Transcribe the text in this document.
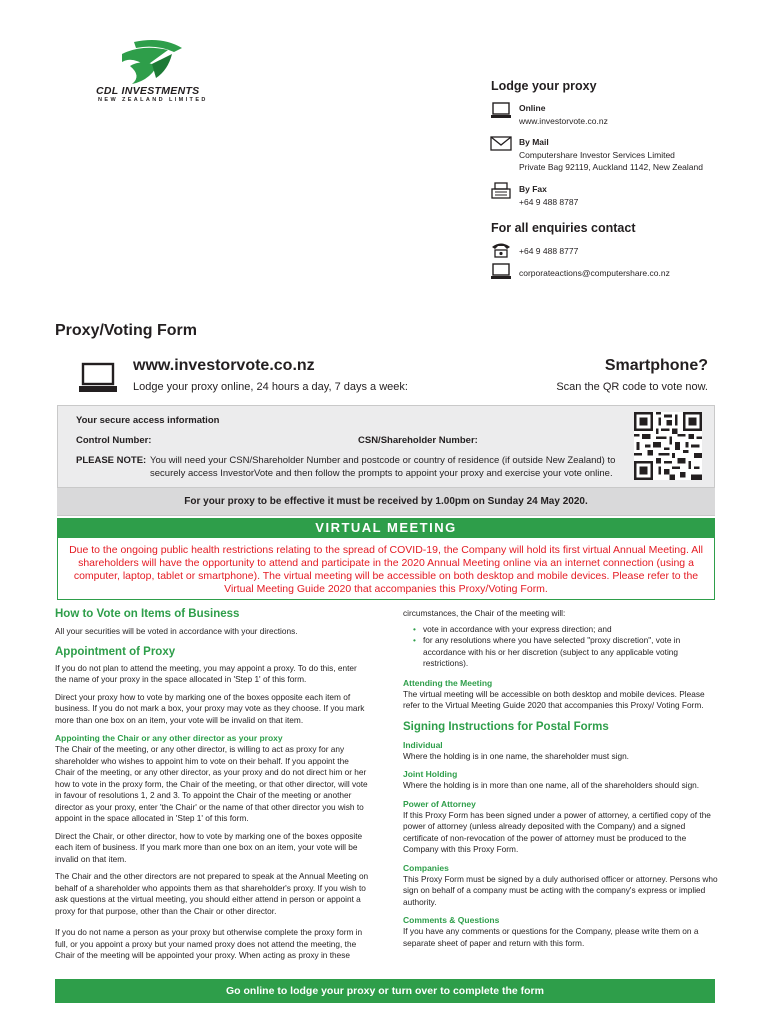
CDL INVESTMENTS
NEW ZEALAND LIMITED
Lodge your proxy
Online
www.investorvote.co.nz
By Mail
Computershare Investor Services Limited
Private Bag 92119, Auckland 1142, New Zealand
By Fax
+64 9 488 8787
For all enquiries contact
+64 9 488 8777
corporateactions@computershare.co.nz
Proxy/Voting Form
www.investorvote.co.nz
Lodge your proxy online, 24 hours a day, 7 days a week:
Smartphone?
Scan the QR code to vote now.
Your secure access information
Control Number:	CSN/Shareholder Number:
PLEASE NOTE: You will need your CSN/Shareholder Number and postcode or country of residence (if outside New Zealand) to securely access InvestorVote and then follow the prompts to appoint your proxy and exercise your vote online.
For your proxy to be effective it must be received by 1.00pm on Sunday 24 May 2020.
VIRTUAL MEETING
Due to the ongoing public health restrictions relating to the spread of COVID-19, the Company will hold its first virtual Annual Meeting. All shareholders will have the opportunity to attend and participate in the 2020 Annual Meeting online via an internet connection (using a computer, laptop, tablet or smartphone). The virtual meeting will be accessible on both desktop and mobile devices. Please refer to the Virtual Meeting Guide 2020 that accompanies this Proxy/Voting Form.
How to Vote on Items of Business
All your securities will be voted in accordance with your directions.
Appointment of Proxy
If you do not plan to attend the meeting, you may appoint a proxy. To do this, enter the name of your proxy in the space allocated in 'Step 1' of this form.
Direct your proxy how to vote by marking one of the boxes opposite each item of business. If you do not mark a box, your proxy may vote as they choose. If you mark more than one box on an item, your vote will be invalid on that item.
Appointing the Chair or any other director as your proxy
The Chair of the meeting, or any other director, is willing to act as proxy for any shareholder who wishes to appoint him to vote on their behalf. If you appoint the Chair of the meeting, or any other director, as your proxy and do not direct him or her how to vote in the proxy form, the Chair of the meeting, or that other director, will vote in favour of resolutions 1, 2 and 3. To appoint the Chair of the meeting or another director as your proxy, enter 'the Chair' or the name of that other director you wish to appoint in the space allocated in 'Step 1' of this form.
Direct the Chair, or other director, how to vote by marking one of the boxes opposite each item of business. If you mark more than one box on an item, your vote will be invalid on that item.
The Chair and the other directors are not prepared to speak at the Annual Meeting on behalf of a shareholder who appoints them as that shareholder's proxy. If you wish to ask questions at the virtual meeting, you should either attend in person or appoint a proxy for that purpose, other than the Chair or other director.
If you do not name a person as your proxy but otherwise complete the proxy form in full, or you appoint a proxy but your named proxy does not attend the meeting, the Chair of the meeting will be appointed your proxy. When acting as proxy in these
circumstances, the Chair of the meeting will:
• vote in accordance with your express direction; and
• for any resolutions where you have selected "proxy discretion", vote in accordance with his or her discretion (subject to any applicable voting restrictions).
Attending the Meeting
The virtual meeting will be accessible on both desktop and mobile devices. Please refer to the Virtual Meeting Guide 2020 that accompanies this Proxy/ Voting Form.
Signing Instructions for Postal Forms
Individual
Where the holding is in one name, the shareholder must sign.
Joint Holding
Where the holding is in more than one name, all of the shareholders should sign.
Power of Attorney
If this Proxy Form has been signed under a power of attorney, a certified copy of the power of attorney (unless already deposited with the Company) and a signed certificate of non-revocation of the power of attorney must be produced to the Company with this Proxy Form.
Companies
This Proxy Form must be signed by a duly authorised officer or attorney. Persons who sign on behalf of a company must be acting with the company's express or implied authority.
Comments & Questions
If you have any comments or questions for the Company, please write them on a separate sheet of paper and return with this form.
Go online to lodge your proxy or turn over to complete the form
